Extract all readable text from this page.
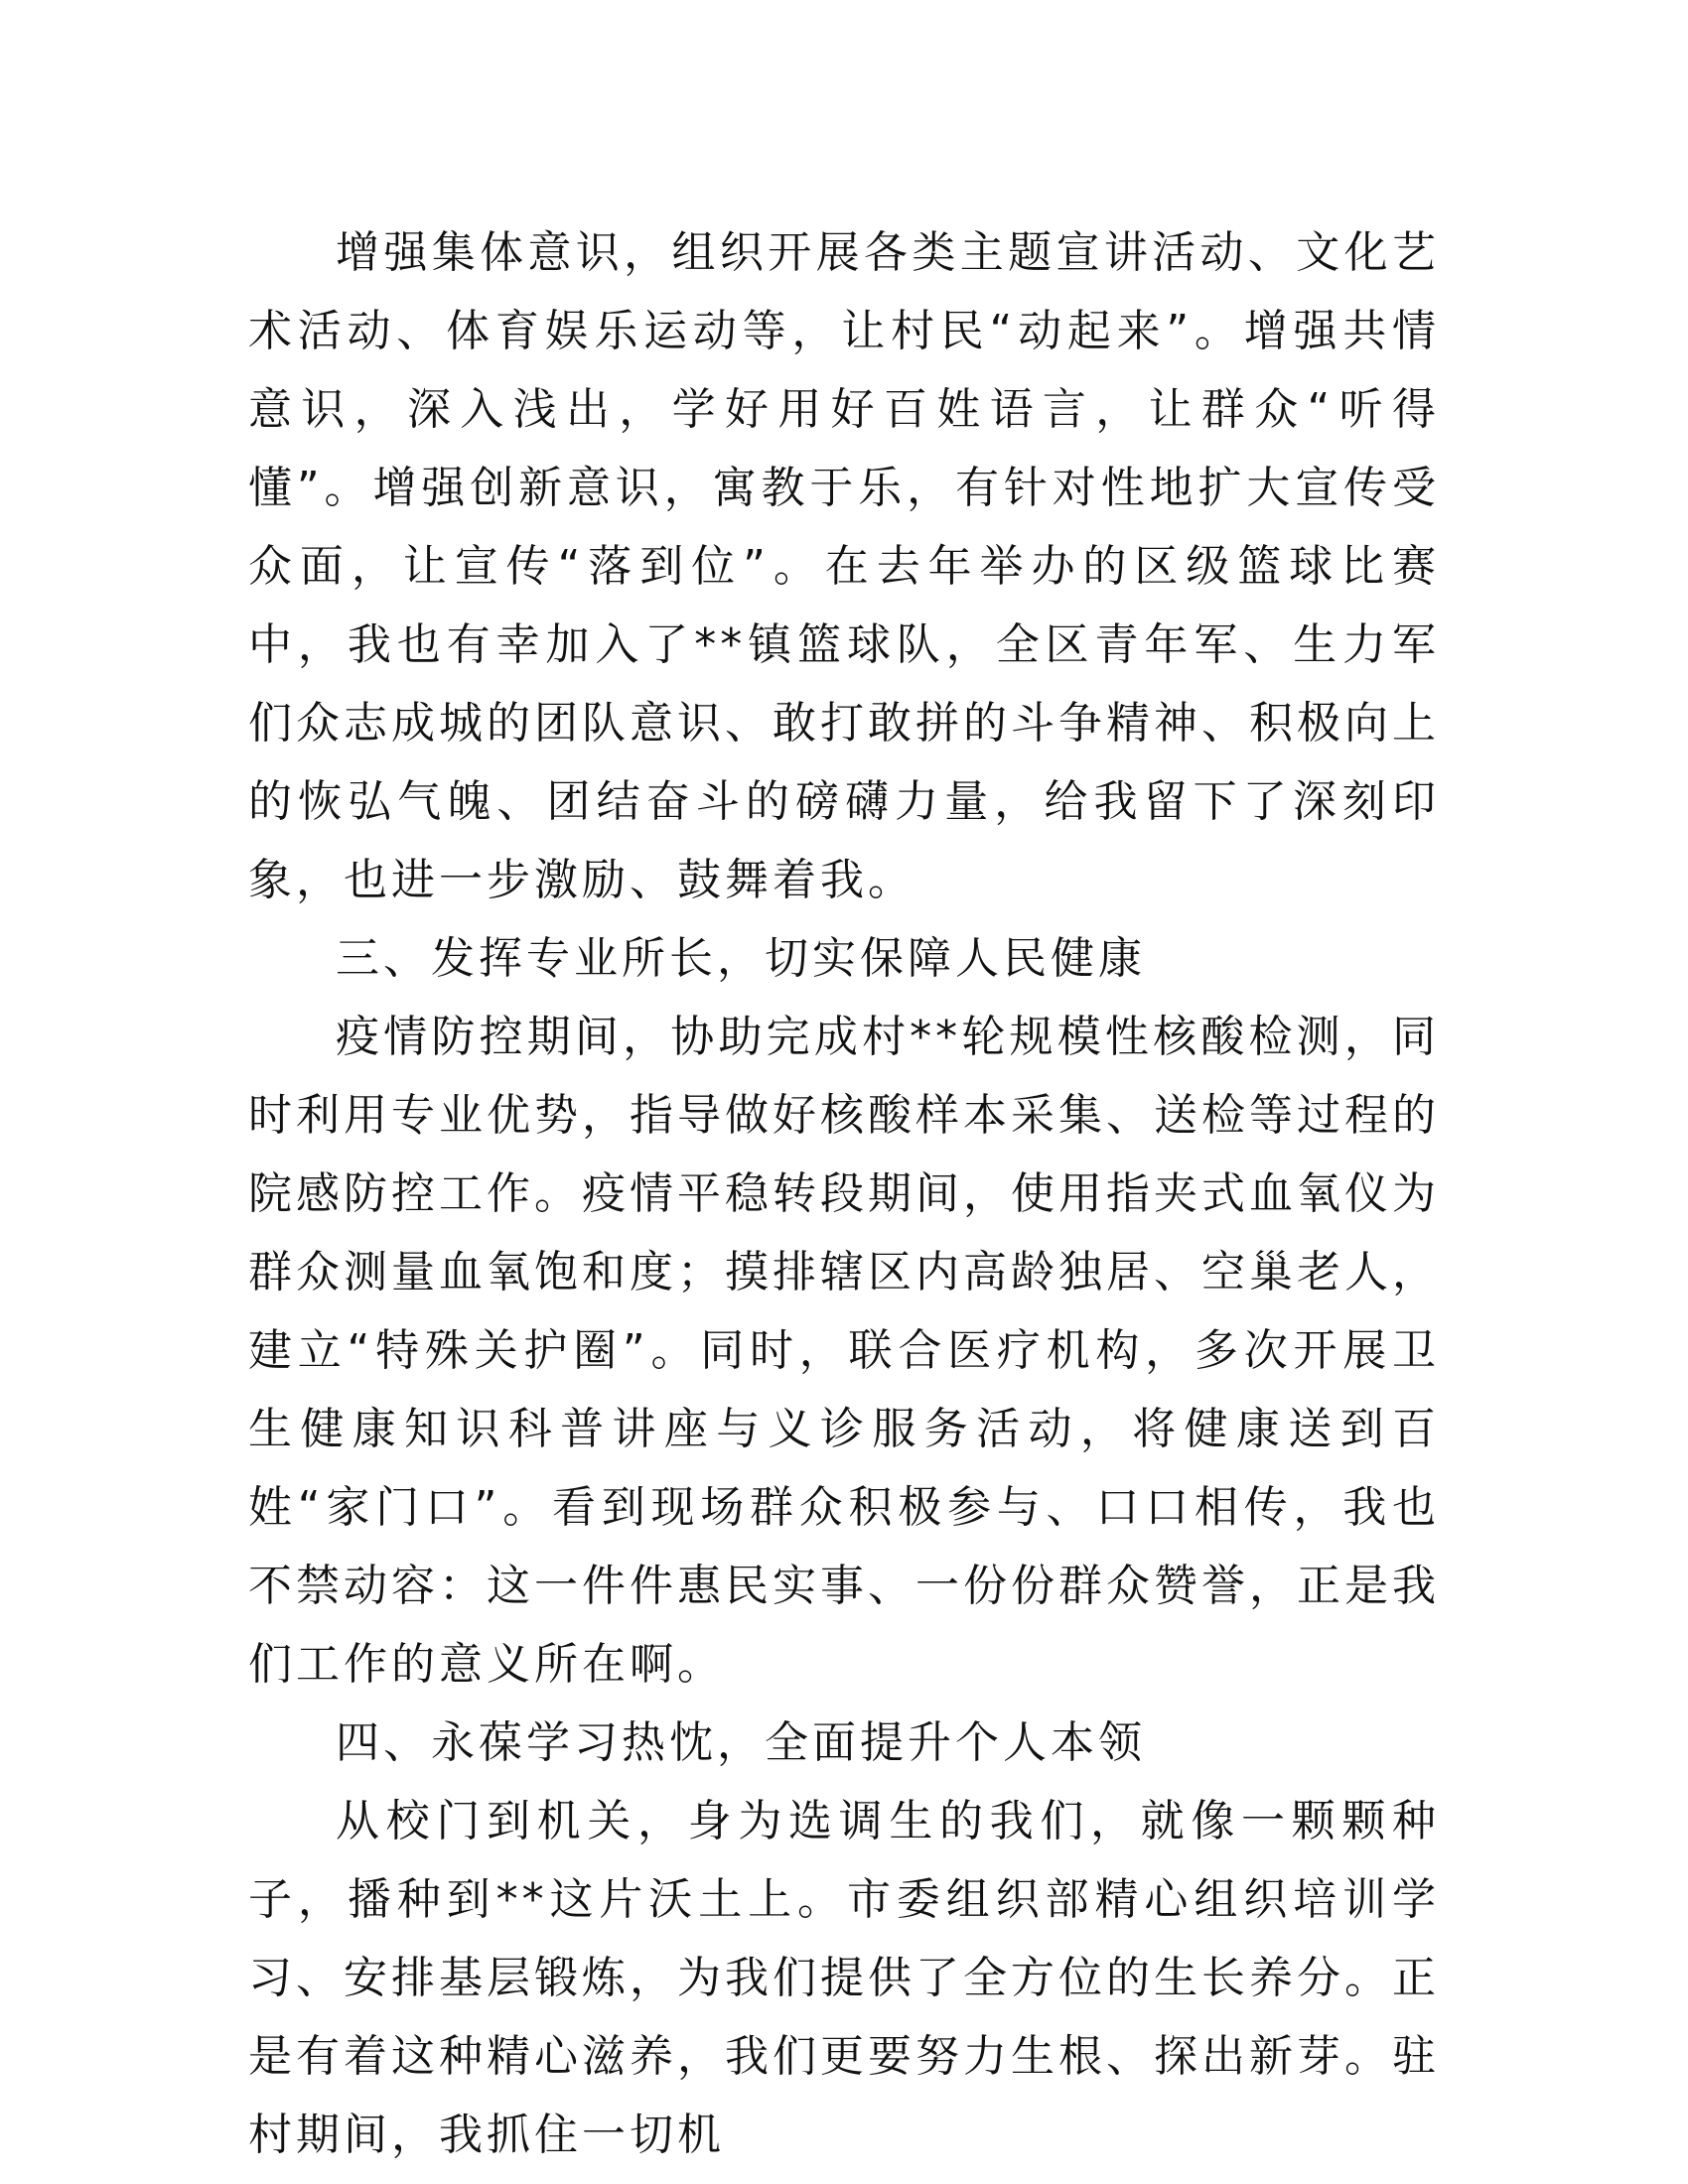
增强集体意识，组织开展各类主题宣讲活动、文化艺术活动、体育娱乐运动等，让村民“动起来”。增强共情意识，深入浅出，学好用好百姓语言，让群众“听得懂”。增强创新意识，寓教于乐，有针对性地扩大宣传受众面，让宣传“落到位”。在去年举办的区级篮球比赛中，我也有幸加入了**镇篮球队，全区青年军、生力军们众志成城的团队意识、敢打敢拼的斗争精神、积极向上的恢弘气魄、团结奋斗的磅礴力量，给我留下了深刻印象，也进一步激励、鼓舞着我。

三、发挥专业所长，切实保障人民健康

疫情防控期间，协助完成村**轮规模性核酸检测，同时利用专业优势，指导做好核酸样本采集、送检等过程的院感防控工作。疫情平稳转段期间，使用指夹式血氧仪为群众测量血氧饱和度；摸排辖区内高龄独居、空巢老人，建立“特殊关护圈”。同时，联合医疗机构，多次开展卫生健康知识科普讲座与义诊服务活动，将健康送到百姓“家门口”。看到现场群众积极参与、口口相传，我也不禁动容：这一件件惠民实事、一份份群众赞誉，正是我们工作的意义所在啊。

四、永葆学习热忱，全面提升个人本领

从校门到机关，身为选调生的我们，就像一颗颗种子，播种到**这片沃土上。市委组织部精心组织培训学习、安排基层锻炼，为我们提供了全方位的生长养分。正是有着这种精心滋养，我们更要努力生根、探出新芽。驻村期间，我抓住一切机
